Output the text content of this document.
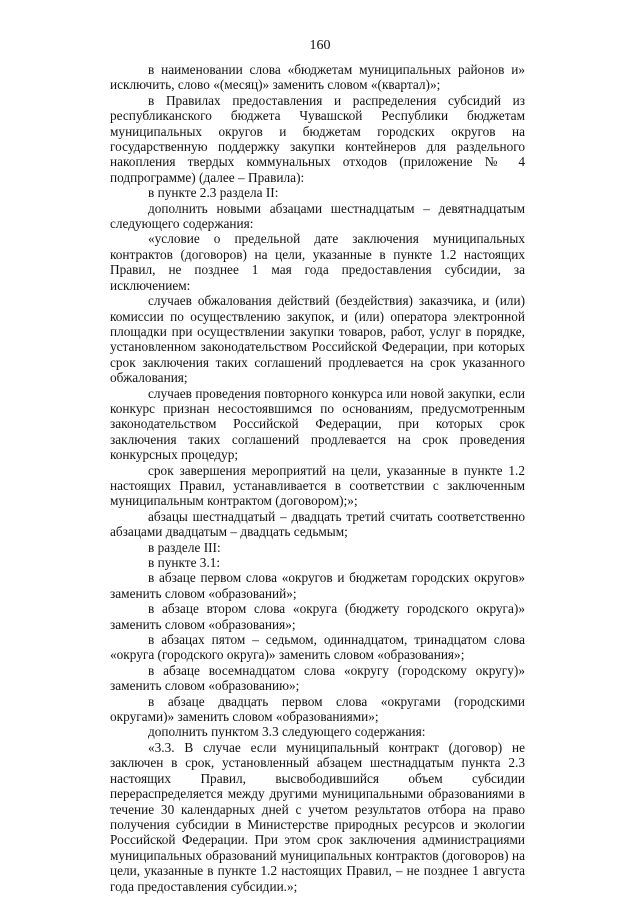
160

в наименовании слова «бюджетам муниципальных районов и» исключить, слово «(месяц)» заменить словом «(квартал)»;

в Правилах предоставления и распределения субсидий из республиканского бюджета Чувашской Республики бюджетам муниципальных округов и бюджетам городских округов на государственную поддержку закупки контейнеров для раздельного накопления твердых коммунальных отходов (приложение № 4 подпрограмме) (далее – Правила):

в пункте 2.3 раздела II:

дополнить новыми абзацами шестнадцатым – девятнадцатым следующего содержания:

«условие о предельной дате заключения муниципальных контрактов (договоров) на цели, указанные в пункте 1.2 настоящих Правил, не позднее 1 мая года предоставления субсидии, за исключением:

случаев обжалования действий (бездействия) заказчика, и (или) комиссии по осуществлению закупок, и (или) оператора электронной площадки при осуществлении закупки товаров, работ, услуг в порядке, установленном законодательством Российской Федерации, при которых срок заключения таких соглашений продлевается на срок указанного обжалования;

случаев проведения повторного конкурса или новой закупки, если конкурс признан несостоявшимся по основаниям, предусмотренным законодательством Российской Федерации, при которых срок заключения таких соглашений продлевается на срок проведения конкурсных процедур;

срок завершения мероприятий на цели, указанные в пункте 1.2 настоящих Правил, устанавливается в соответствии с заключенным муниципальным контрактом (договором);»;

абзацы шестнадцатый – двадцать третий считать соответственно абзацами двадцатым – двадцать седьмым;

в разделе III:

в пункте 3.1:

в абзаце первом слова «округов и бюджетам городских округов» заменить словом «образований»;

в абзаце втором слова «округа (бюджету городского округа)» заменить словом «образования»;

в абзацах пятом – седьмом, одиннадцатом, тринадцатом слова «округа (городского округа)» заменить словом «образования»;

в абзаце восемнадцатом слова «округу (городскому округу)» заменить словом «образованию»;

в абзаце двадцать первом слова «округами (городскими округами)» заменить словом «образованиями»;

дополнить пунктом 3.3 следующего содержания:

«3.3. В случае если муниципальный контракт (договор) не заключен в срок, установленный абзацем шестнадцатым пункта 2.3 настоящих Правил, высвободившийся объем субсидии перераспределяется между другими муниципальными образованиями в течение 30 календарных дней с учетом результатов отбора на право получения субсидии в Министерстве природных ресурсов и экологии Российской Федерации. При этом срок заключения администрациями муниципальных образований муниципальных контрактов (договоров) на цели, указанные в пункте 1.2 настоящих Правил, – не позднее 1 августа года предоставления субсидии.»;
